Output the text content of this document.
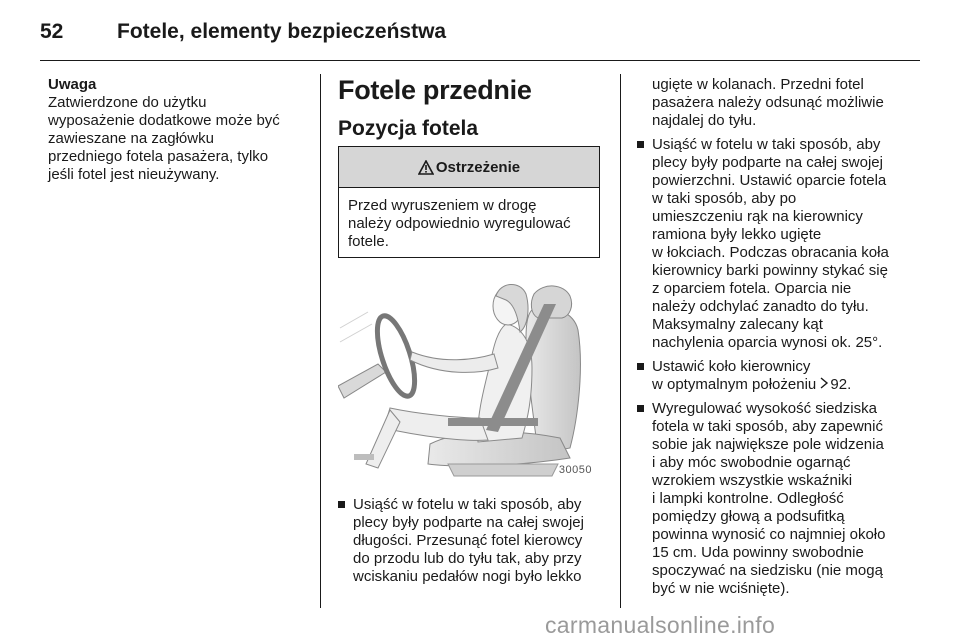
52	Fotele, elementy bezpieczeństwa
Uwaga
Zatwierdzone do użytku
wyposażenie dodatkowe może być
zawieszane na zagłówku
przedniego fotela pasażera, tylko
jeśli fotel jest nieużywany.
Fotele przednie
Pozycja fotela
Ostrzeżenie
Przed wyruszeniem w drogę
należy odpowiednio wyregulować
fotele.
30050
Usiąść w fotelu w taki sposób, aby
plecy były podparte na całej swojej
długości. Przesunąć fotel kierowcy
do przodu lub do tyłu tak, aby przy
wciskaniu pedałów nogi było lekko
ugięte w kolanach. Przedni fotel
pasażera należy odsunąć możliwie
najdalej do tyłu.
Usiąść w fotelu w taki sposób, aby
plecy były podparte na całej swojej
powierzchni. Ustawić oparcie fotela
w taki sposób, aby po
umieszczeniu rąk na kierownicy
ramiona były lekko ugięte
w łokciach. Podczas obracania koła
kierownicy barki powinny stykać się
z oparciem fotela. Oparcia nie
należy odchylać zanadto do tyłu.
Maksymalny zalecany kąt
nachylenia oparcia wynosi ok. 25°.
Ustawić koło kierownicy
w optymalnym położeniu 92.
Wyregulować wysokość siedziska
fotela w taki sposób, aby zapewnić
sobie jak największe pole widzenia
i aby móc swobodnie ogarnąć
wzrokiem wszystkie wskaźniki
i lampki kontrolne. Odległość
pomiędzy głową a podsufitką
powinna wynosić co najmniej około
15 cm. Uda powinny swobodnie
spoczywać na siedzisku (nie mogą
być w nie wciśnięte).
carmanualsonline.info
